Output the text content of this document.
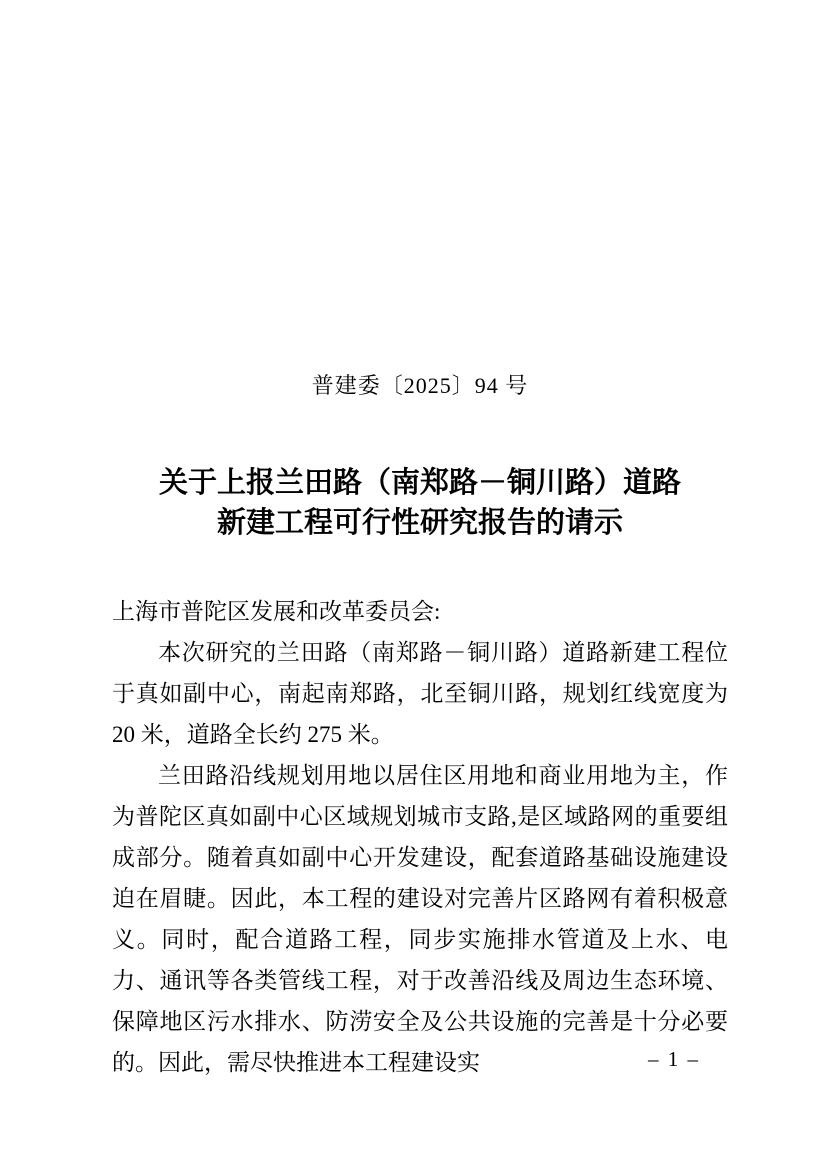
普建委〔2025〕94 号
关于上报兰田路（南郑路－铜川路）道路
新建工程可行性研究报告的请示
上海市普陀区发展和改革委员会:
本次研究的兰田路（南郑路－铜川路）道路新建工程位于真如副中心，南起南郑路，北至铜川路，规划红线宽度为 20 米，道路全长约 275 米。
兰田路沿线规划用地以居住区用地和商业用地为主，作为普陀区真如副中心区域规划城市支路,是区域路网的重要组成部分。随着真如副中心开发建设，配套道路基础设施建设迫在眉睫。因此，本工程的建设对完善片区路网有着积极意义。同时，配合道路工程，同步实施排水管道及上水、电力、通讯等各类管线工程，对于改善沿线及周边生态环境、保障地区污水排水、防涝安全及公共设施的完善是十分必要的。因此，需尽快推进本工程建设实	– 1 –
